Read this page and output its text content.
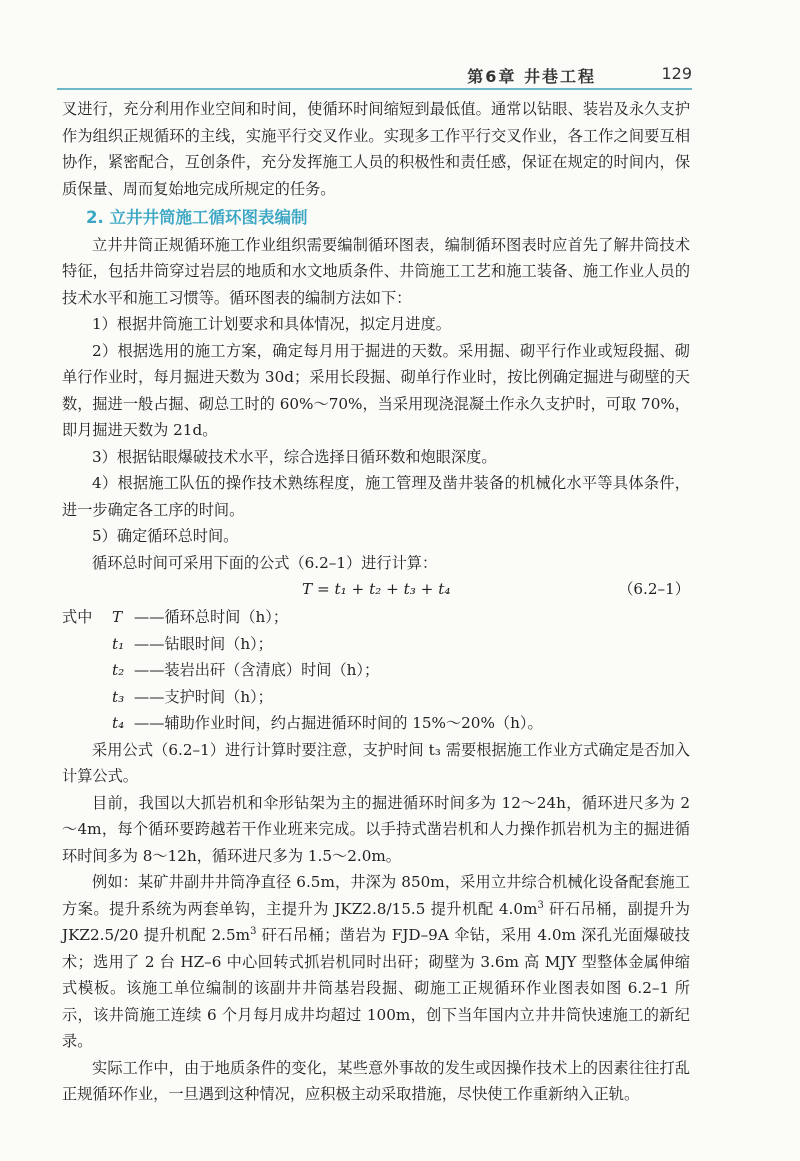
第6章 井巷工程	129

叉进行，充分利用作业空间和时间，使循环时间缩短到最低值。通常以钻眼、装岩及永久支护作为组织正规循环的主线，实施平行交叉作业。实现多工作平行交叉作业，各工作之间要互相协作，紧密配合，互创条件，充分发挥施工人员的积极性和责任感，保证在规定的时间内，保质保量、周而复始地完成所规定的任务。

2. 立井井筒施工循环图表编制

立井井筒正规循环施工作业组织需要编制循环图表，编制循环图表时应首先了解井筒技术特征，包括井筒穿过岩层的地质和水文地质条件、井筒施工工艺和施工装备、施工作业人员的技术水平和施工习惯等。循环图表的编制方法如下：

1）根据井筒施工计划要求和具体情况，拟定月进度。

2）根据选用的施工方案，确定每月用于掘进的天数。采用掘、砌平行作业或短段掘、砌单行作业时，每月掘进天数为 30d；采用长段掘、砌单行作业时，按比例确定掘进与砌壁的天数，掘进一般占掘、砌总工时的 60%～70%，当采用现浇混凝土作永久支护时，可取 70%，即月掘进天数为 21d。

3）根据钻眼爆破技术水平，综合选择日循环数和炮眼深度。

4）根据施工队伍的操作技术熟练程度，施工管理及凿井装备的机械化水平等具体条件，进一步确定各工序的时间。

5）确定循环总时间。

循环总时间可采用下面的公式（6.2–1）进行计算：

T = t₁ + t₂ + t₃ + t₄	（6.2–1）
式中 T ——循环总时间（h）；
t₁ ——钻眼时间（h）；
t₂ ——装岩出矸（含清底）时间（h）；
t₃ ——支护时间（h）；
t₄ ——辅助作业时间，约占掘进循环时间的 15%～20%（h）。

采用公式（6.2–1）进行计算时要注意，支护时间 t₃ 需要根据施工作业方式确定是否加入计算公式。

目前，我国以大抓岩机和伞形钻架为主的掘进循环时间多为 12～24h，循环进尺多为 2～4m，每个循环要跨越若干作业班来完成。以手持式凿岩机和人力操作抓岩机为主的掘进循环时间多为 8～12h，循环进尺多为 1.5～2.0m。

例如：某矿井副井井筒净直径 6.5m，井深为 850m，采用立井综合机械化设备配套施工方案。提升系统为两套单钩，主提升为 JKZ2.8/15.5 提升机配 $4.0m^3$ 矸石吊桶，副提升为 JKZ2.5/20 提升机配 $2.5m^3$ 矸石吊桶；凿岩为 FJD–9A 伞钻，采用 4.0m 深孔光面爆破技术；选用了 2 台 HZ–6 中心回转式抓岩机同时出矸；砌壁为 3.6m 高 MJY 型整体金属伸缩式模板。该施工单位编制的该副井井筒基岩段掘、砌施工正规循环作业图表如图 6.2–1 所示，该井筒施工连续 6 个月每月成井均超过 100m，创下当年国内立井井筒快速施工的新纪录。

实际工作中，由于地质条件的变化，某些意外事故的发生或因操作技术上的因素往往打乱正规循环作业，一旦遇到这种情况，应积极主动采取措施，尽快使工作重新纳入正轨。
